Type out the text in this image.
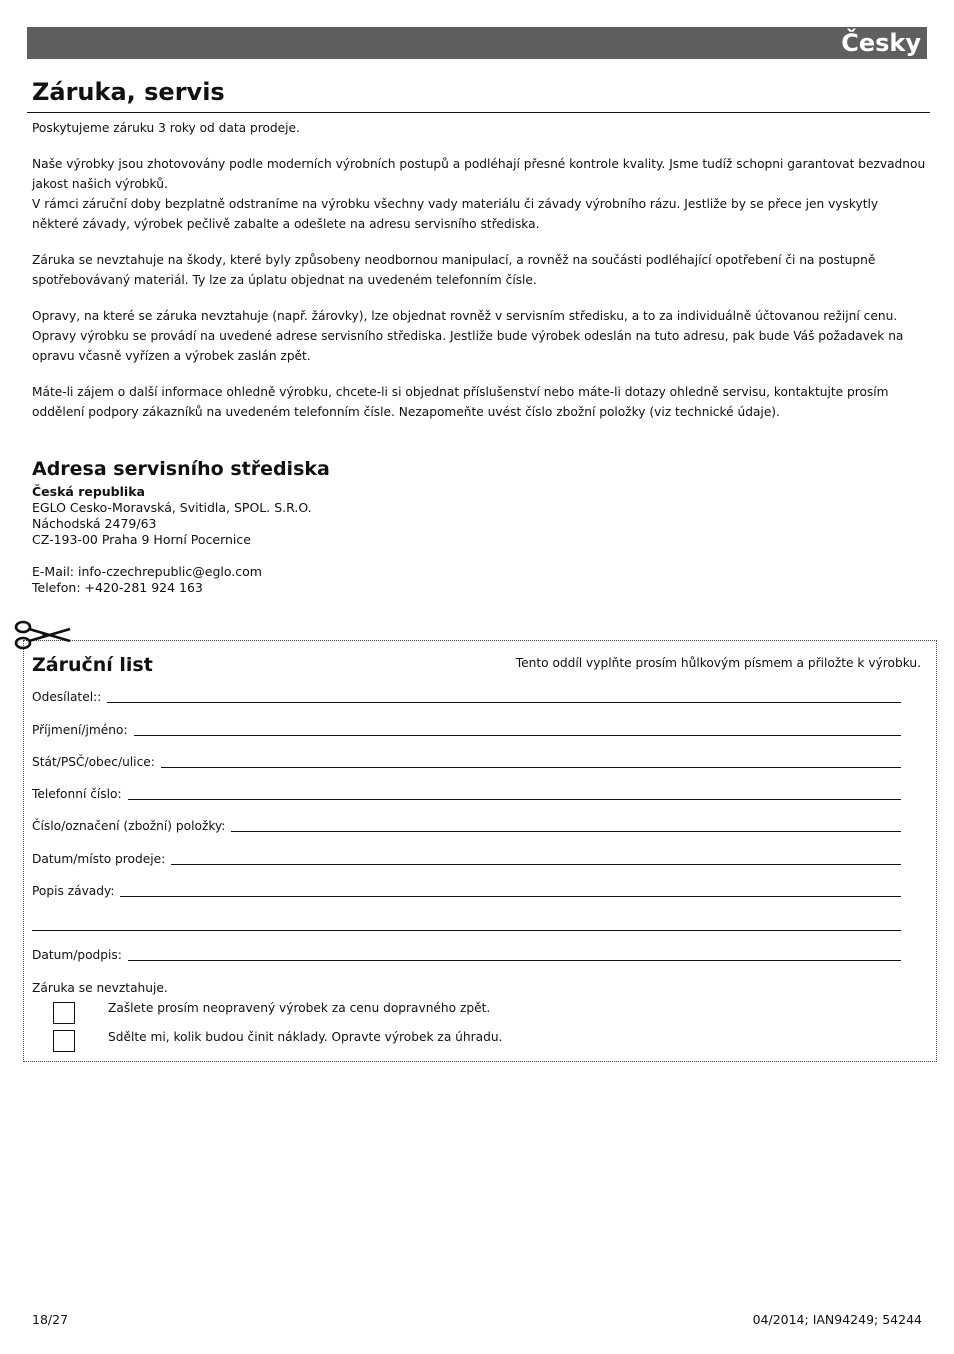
Česky
Záruka, servis

Poskytujeme záruku 3 roky od data prodeje.

Naše výrobky jsou zhotovovány podle moderních výrobních postupů a podléhají přesné kontrole kvality. Jsme tudíž schopni garantovat bezvadnou jakost našich výrobků.
V rámci záruční doby bezplatně odstraníme na výrobku všechny vady materiálu či závady výrobního rázu. Jestliže by se přece jen vyskytly některé závady, výrobek pečlivě zabalte a odešlete na adresu servisního střediska.

Záruka se nevztahuje na škody, které byly způsobeny neodbornou manipulací, a rovněž na součásti podléhající opotřebení či na postupně spotřebovávaný materiál. Ty lze za úplatu objednat na uvedeném telefonním čísle.

Opravy, na které se záruka nevztahuje (např. žárovky), lze objednat rovněž v servisním středisku, a to za individuálně účtovanou režijní cenu.
Opravy výrobku se provádí na uvedené adrese servisního střediska. Jestliže bude výrobek odeslán na tuto adresu, pak bude Váš požadavek na opravu včasně vyřízen a výrobek zaslán zpět.

Máte-li zájem o další informace ohledně výrobku, chcete-li si objednat příslušenství nebo máte-li dotazy ohledně servisu, kontaktujte prosím oddělení podpory zákazníků na uvedeném telefonním čísle. Nezapomeňte uvést číslo zbožní položky (viz technické údaje).

Adresa servisního střediska
Česká republika
EGLO Cesko-Moravská, Svitidla, SPOL. S.R.O.
Náchodská 2479/63
CZ-193-00 Praha 9 Horní Pocernice
E-Mail: info-czechrepublic@eglo.com
Telefon: +420-281 924 163
Záruční list	Tento oddíl vyplňte prosím hůlkovým písmem a přiložte k výrobku.
Odesílatel::
Příjmení/jméno:
Stát/PSČ/obec/ulice:
Telefonní číslo:
Číslo/označení (zbožní) položky:
Datum/místo prodeje:
Popis závady:
Datum/podpis:
Záruka se nevztahuje.
Zašlete prosím neopravený výrobek za cenu dopravného zpět.
Sdělte mi, kolik budou činit náklady. Opravte výrobek za úhradu.
18/27	04/2014; IAN94249; 54244
